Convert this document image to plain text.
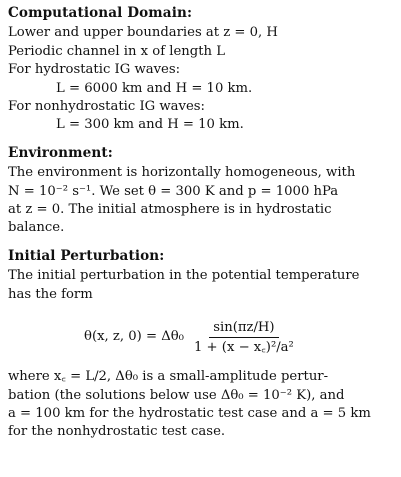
Computational Domain:
Lower and upper boundaries at z = 0, H
Periodic channel in x of length L
For hydrostatic IG waves:
L = 6000 km and H = 10 km.
For nonhydrostatic IG waves:
L = 300 km and H = 10 km.
Environment:
The environment is horizontally homogeneous, with
N = 10⁻² s⁻¹. We set θ = 300 K and p = 1000 hPa
at z = 0. The initial atmosphere is in hydrostatic
balance.
Initial Perturbation:
The initial perturbation in the potential temperature
has the form
θ(x, z, $0) = \Delta\theta_0 \frac{\sin(\pi z/H)}{\text{1 + (x − x꜀)²/a²}}$
where x꜀ = L/2, Δθ₀ is a small-amplitude pertur-
bation (the solutions below use Δθ₀ = 10⁻² K), and
a = 100 km for the hydrostatic test case and a = 5 km
for the nonhydrostatic test case.
